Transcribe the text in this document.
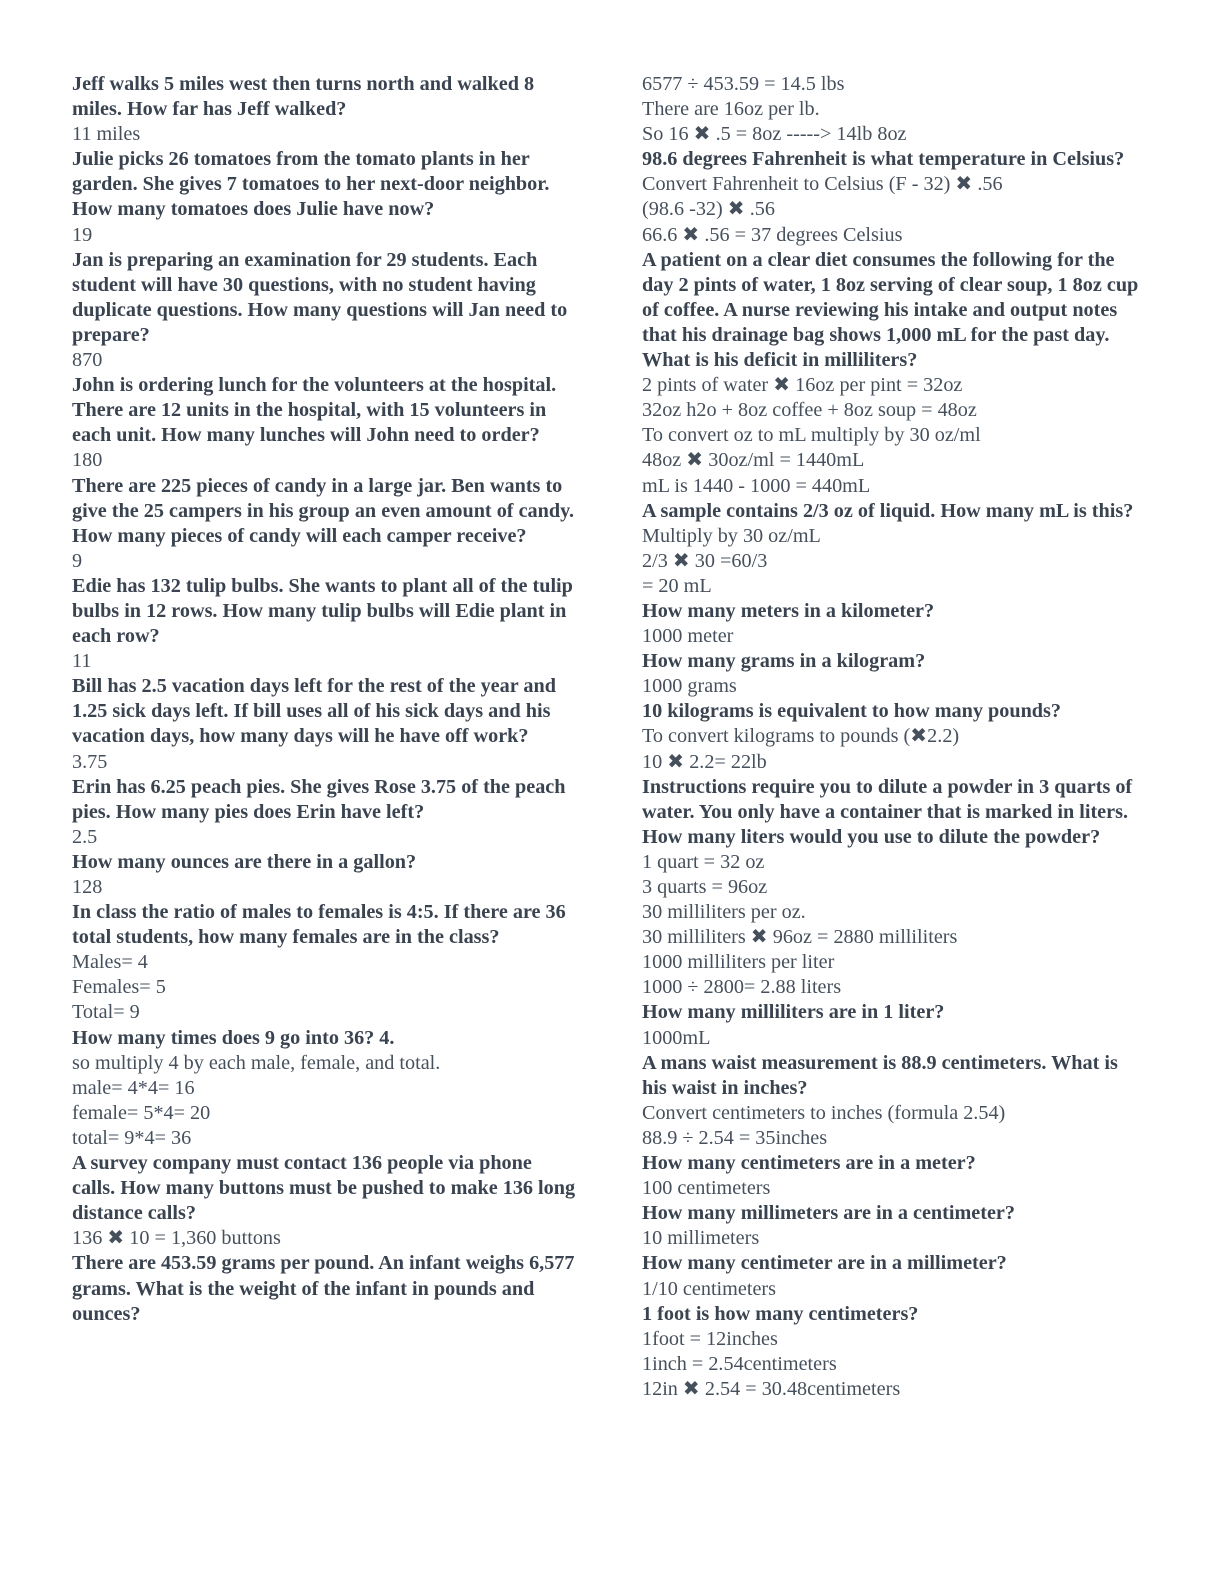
Jeff walks 5 miles west then turns north and walked 8 miles. How far has Jeff walked?
11 miles
Julie picks 26 tomatoes from the tomato plants in her garden. She gives 7 tomatoes to her next-door neighbor. How many tomatoes does Julie have now?
19
Jan is preparing an examination for 29 students. Each student will have 30 questions, with no student having duplicate questions. How many questions will Jan need to prepare?
870
John is ordering lunch for the volunteers at the hospital. There are 12 units in the hospital, with 15 volunteers in each unit. How many lunches will John need to order?
180
There are 225 pieces of candy in a large jar. Ben wants to give the 25 campers in his group an even amount of candy. How many pieces of candy will each camper receive?
9
Edie has 132 tulip bulbs. She wants to plant all of the tulip bulbs in 12 rows. How many tulip bulbs will Edie plant in each row?
11
Bill has 2.5 vacation days left for the rest of the year and 1.25 sick days left. If bill uses all of his sick days and his vacation days, how many days will he have off work?
3.75
Erin has 6.25 peach pies. She gives Rose 3.75 of the peach pies. How many pies does Erin have left?
2.5
How many ounces are there in a gallon?
128
In class the ratio of males to females is 4:5. If there are 36 total students, how many females are in the class?
Males= 4
Females= 5
Total= 9
How many times does 9 go into 36? 4.
so multiply 4 by each male, female, and total.
male= 4*4= 16
female= 5*4= 20
total= 9*4= 36
A survey company must contact 136 people via phone calls. How many buttons must be pushed to make 136 long distance calls?
136 ✖ 10 = 1,360 buttons
There are 453.59 grams per pound. An infant weighs 6,577 grams. What is the weight of the infant in pounds and ounces?
6577 ÷ 453.59 = 14.5 lbs
There are 16oz per lb.
So 16 ✖ .5 = 8oz -----> 14lb 8oz
98.6 degrees Fahrenheit is what temperature in Celsius?
Convert Fahrenheit to Celsius (F - 32) ✖ .56
(98.6 -32) ✖ .56
66.6 ✖ .56 = 37 degrees Celsius
A patient on a clear diet consumes the following for the day 2 pints of water, 1 8oz serving of clear soup, 1 8oz cup of coffee. A nurse reviewing his intake and output notes that his drainage bag shows 1,000 mL for the past day. What is his deficit in milliliters?
2 pints of water ✖ 16oz per pint = 32oz
32oz h2o + 8oz coffee + 8oz soup = 48oz
To convert oz to mL multiply by 30 oz/ml
48oz ✖ 30oz/ml = 1440mL
mL is 1440 - 1000 = 440mL
A sample contains 2/3 oz of liquid. How many mL is this?
Multiply by 30 oz/mL
2/3 ✖ 30 =60/3
= 20 mL
How many meters in a kilometer?
1000 meter
How many grams in a kilogram?
1000 grams
10 kilograms is equivalent to how many pounds?
To convert kilograms to pounds (✖2.2)
10 ✖ 2.2= 22lb
Instructions require you to dilute a powder in 3 quarts of water. You only have a container that is marked in liters. How many liters would you use to dilute the powder?
1 quart = 32 oz
3 quarts = 96oz
30 milliliters per oz.
30 milliliters ✖ 96oz = 2880 milliliters
1000 milliliters per liter
1000 ÷ 2800= 2.88 liters
How many milliliters are in 1 liter?
1000mL
A mans waist measurement is 88.9 centimeters. What is his waist in inches?
Convert centimeters to inches (formula 2.54)
88.9 ÷ 2.54 = 35inches
How many centimeters are in a meter?
100 centimeters
How many millimeters are in a centimeter?
10 millimeters
How many centimeter are in a millimeter?
1/10 centimeters
1 foot is how many centimeters?
1foot = 12inches
1inch = 2.54centimeters
12in ✖ 2.54 = 30.48centimeters
